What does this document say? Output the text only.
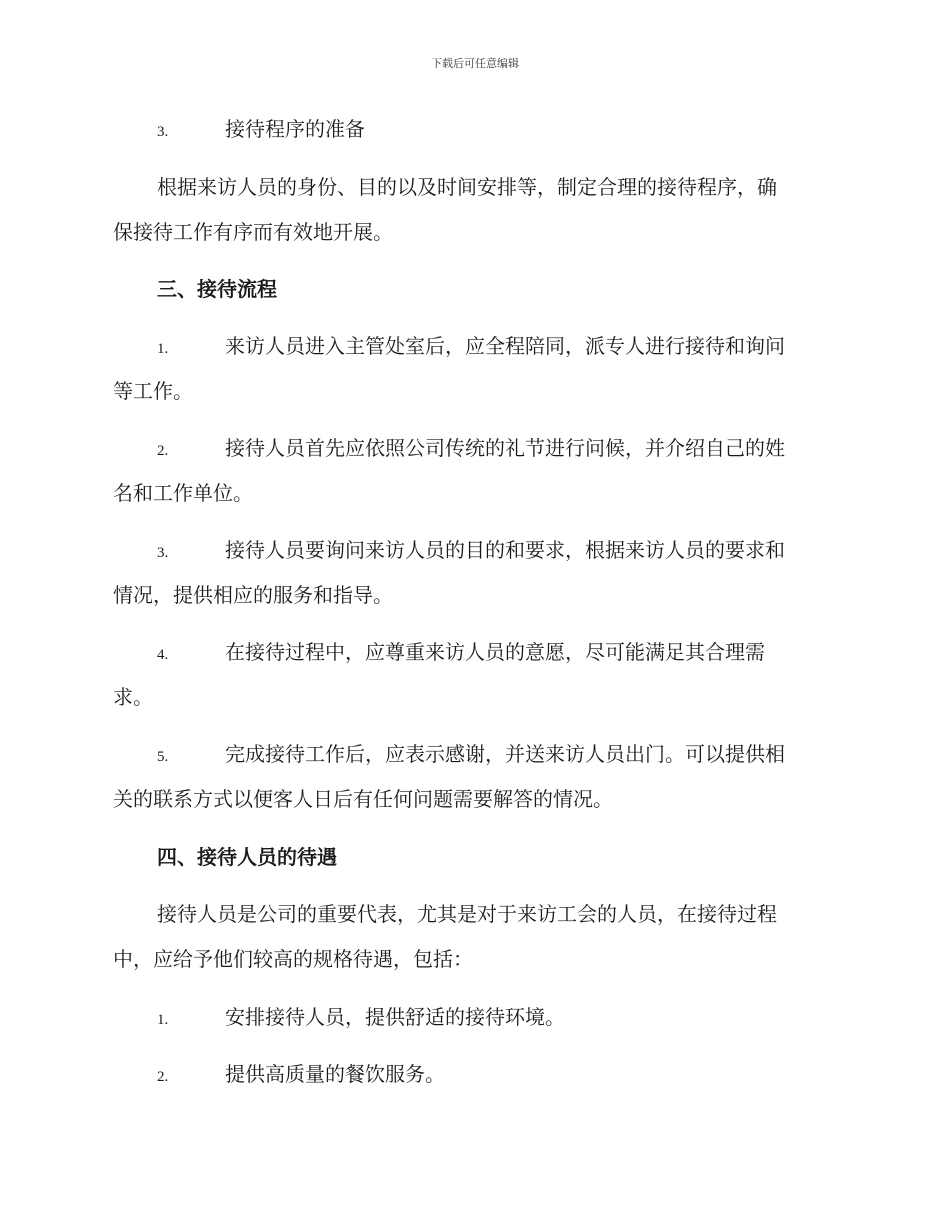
下载后可任意编辑
3.	接待程序的准备
根据来访人员的身份、目的以及时间安排等，制定合理的接待程序，确
保接待工作有序而有效地开展。
三、接待流程
1.	来访人员进入主管处室后，应全程陪同，派专人进行接待和询问
等工作。
2.	接待人员首先应依照公司传统的礼节进行问候，并介绍自己的姓
名和工作单位。
3.	接待人员要询问来访人员的目的和要求，根据来访人员的要求和
情况，提供相应的服务和指导。
4.	在接待过程中，应尊重来访人员的意愿，尽可能满足其合理需
求。
5.	完成接待工作后，应表示感谢，并送来访人员出门。可以提供相
关的联系方式以便客人日后有任何问题需要解答的情况。
四、接待人员的待遇
接待人员是公司的重要代表，尤其是对于来访工会的人员，在接待过程
中，应给予他们较高的规格待遇，包括：
1.	安排接待人员，提供舒适的接待环境。
2.	提供高质量的餐饮服务。
